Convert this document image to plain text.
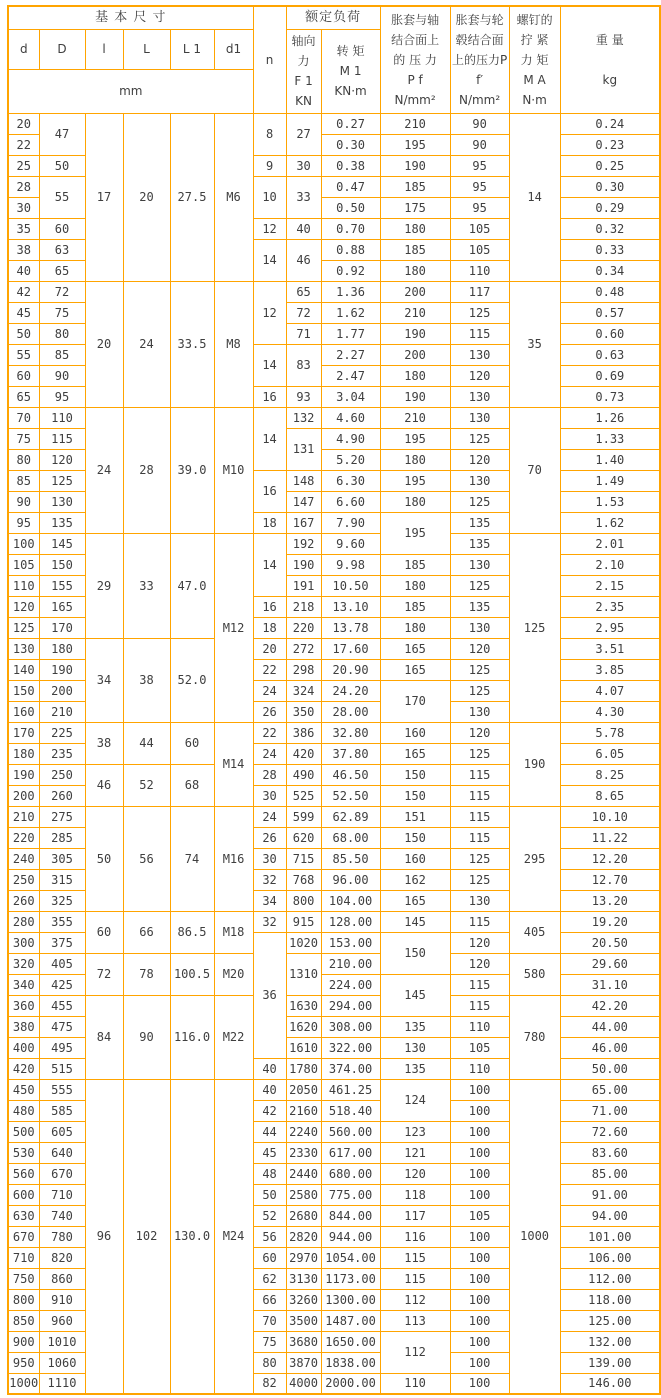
基 本 尺 寸						n	额定负荷		胀套与轴
结合面上
的 压 力
P f
N/mm²	胀套与轮
毂结合面
上的压力P
f′
N/mm²	螺钉的
拧 紧
力 矩
M A
N·m	重 量

kg
d	D	l	L	L 1	d1		轴向
力
F 1
KN	转 矩
M 1
KN·m				
mm												
20	47	17	20	27.5	M6	8	27	0.27	210	90	14	0.24
22								0.30	195	90		0.23
25	50					9	30	0.38	190	95		0.25
28	55					10	33	0.47	185	95		0.30
30								0.50	175	95		0.29
35	60					12	40	0.70	180	105		0.32
38	63					14	46	0.88	185	105		0.33
40	65							0.92	180	110		0.34
42	72	20	24	33.5	M8	12	65	1.36	200	117	35	0.48
45	75						72	1.62	210	125		0.57
50	80						71	1.77	190	115		0.60
55	85					14	83	2.27	200	130		0.63
60	90							2.47	180	120		0.69
65	95					16	93	3.04	190	130		0.73
70	110	24	28	39.0	M10	14	132	4.60	210	130	70	1.26
75	115						131	4.90	195	125		1.33
80	120							5.20	180	120		1.40
85	125					16	148	6.30	195	130		1.49
90	130						147	6.60	180	125		1.53
95	135					18	167	7.90	195	135		1.62
100	145	29	33	47.0	M12	14	192	9.60		135	125	2.01
105	150						190	9.98	185	130		2.10
110	155						191	10.50	180	125		2.15
120	165					16	218	13.10	185	135		2.35
125	170					18	220	13.78	180	130		2.95
130	180	34	38	52.0		20	272	17.60	165	120		3.51
140	190					22	298	20.90	165	125		3.85
150	200					24	324	24.20	170	125		4.07
160	210					26	350	28.00		130		4.30
170	225	38	44	60	M14	22	386	32.80	160	120	190	5.78
180	235					24	420	37.80	165	125		6.05
190	250	46	52	68		28	490	46.50	150	115		8.25
200	260					30	525	52.50	150	115		8.65
210	275	50	56	74	M16	24	599	62.89	151	115	295	10.10
220	285					26	620	68.00	150	115		11.22
240	305					30	715	85.50	160	125		12.20
250	315					32	768	96.00	162	125		12.70
260	325					34	800	104.00	165	130		13.20
280	355	60	66	86.5	M18	32	915	128.00	145	115	405	19.20
300	375					36	1020	153.00	150	120		20.50
320	405	72	78	100.5	M20		1310	210.00		120	580	29.60
340	425							224.00	145	115		31.10
360	455	84	90	116.0	M22		1630	294.00		115	780	42.20
380	475						1620	308.00	135	110		44.00
400	495						1610	322.00	130	105		46.00
420	515					40	1780	374.00	135	110		50.00
450	555	96	102	130.0	M24	40	2050	461.25	124	100	1000	65.00
480	585					42	2160	518.40		100		71.00
500	605					44	2240	560.00	123	100		72.60
530	640					45	2330	617.00	121	100		83.60
560	670					48	2440	680.00	120	100		85.00
600	710					50	2580	775.00	118	100		91.00
630	740					52	2680	844.00	117	105		94.00
670	780					56	2820	944.00	116	100		101.00
710	820					60	2970	1054.00	115	100		106.00
750	860					62	3130	1173.00	115	100		112.00
800	910					66	3260	1300.00	112	100		118.00
850	960					70	3500	1487.00	113	100		125.00
900	1010					75	3680	1650.00	112	100		132.00
950	1060					80	3870	1838.00		100		139.00
1000	1110					82	4000	2000.00	110	100		146.00
